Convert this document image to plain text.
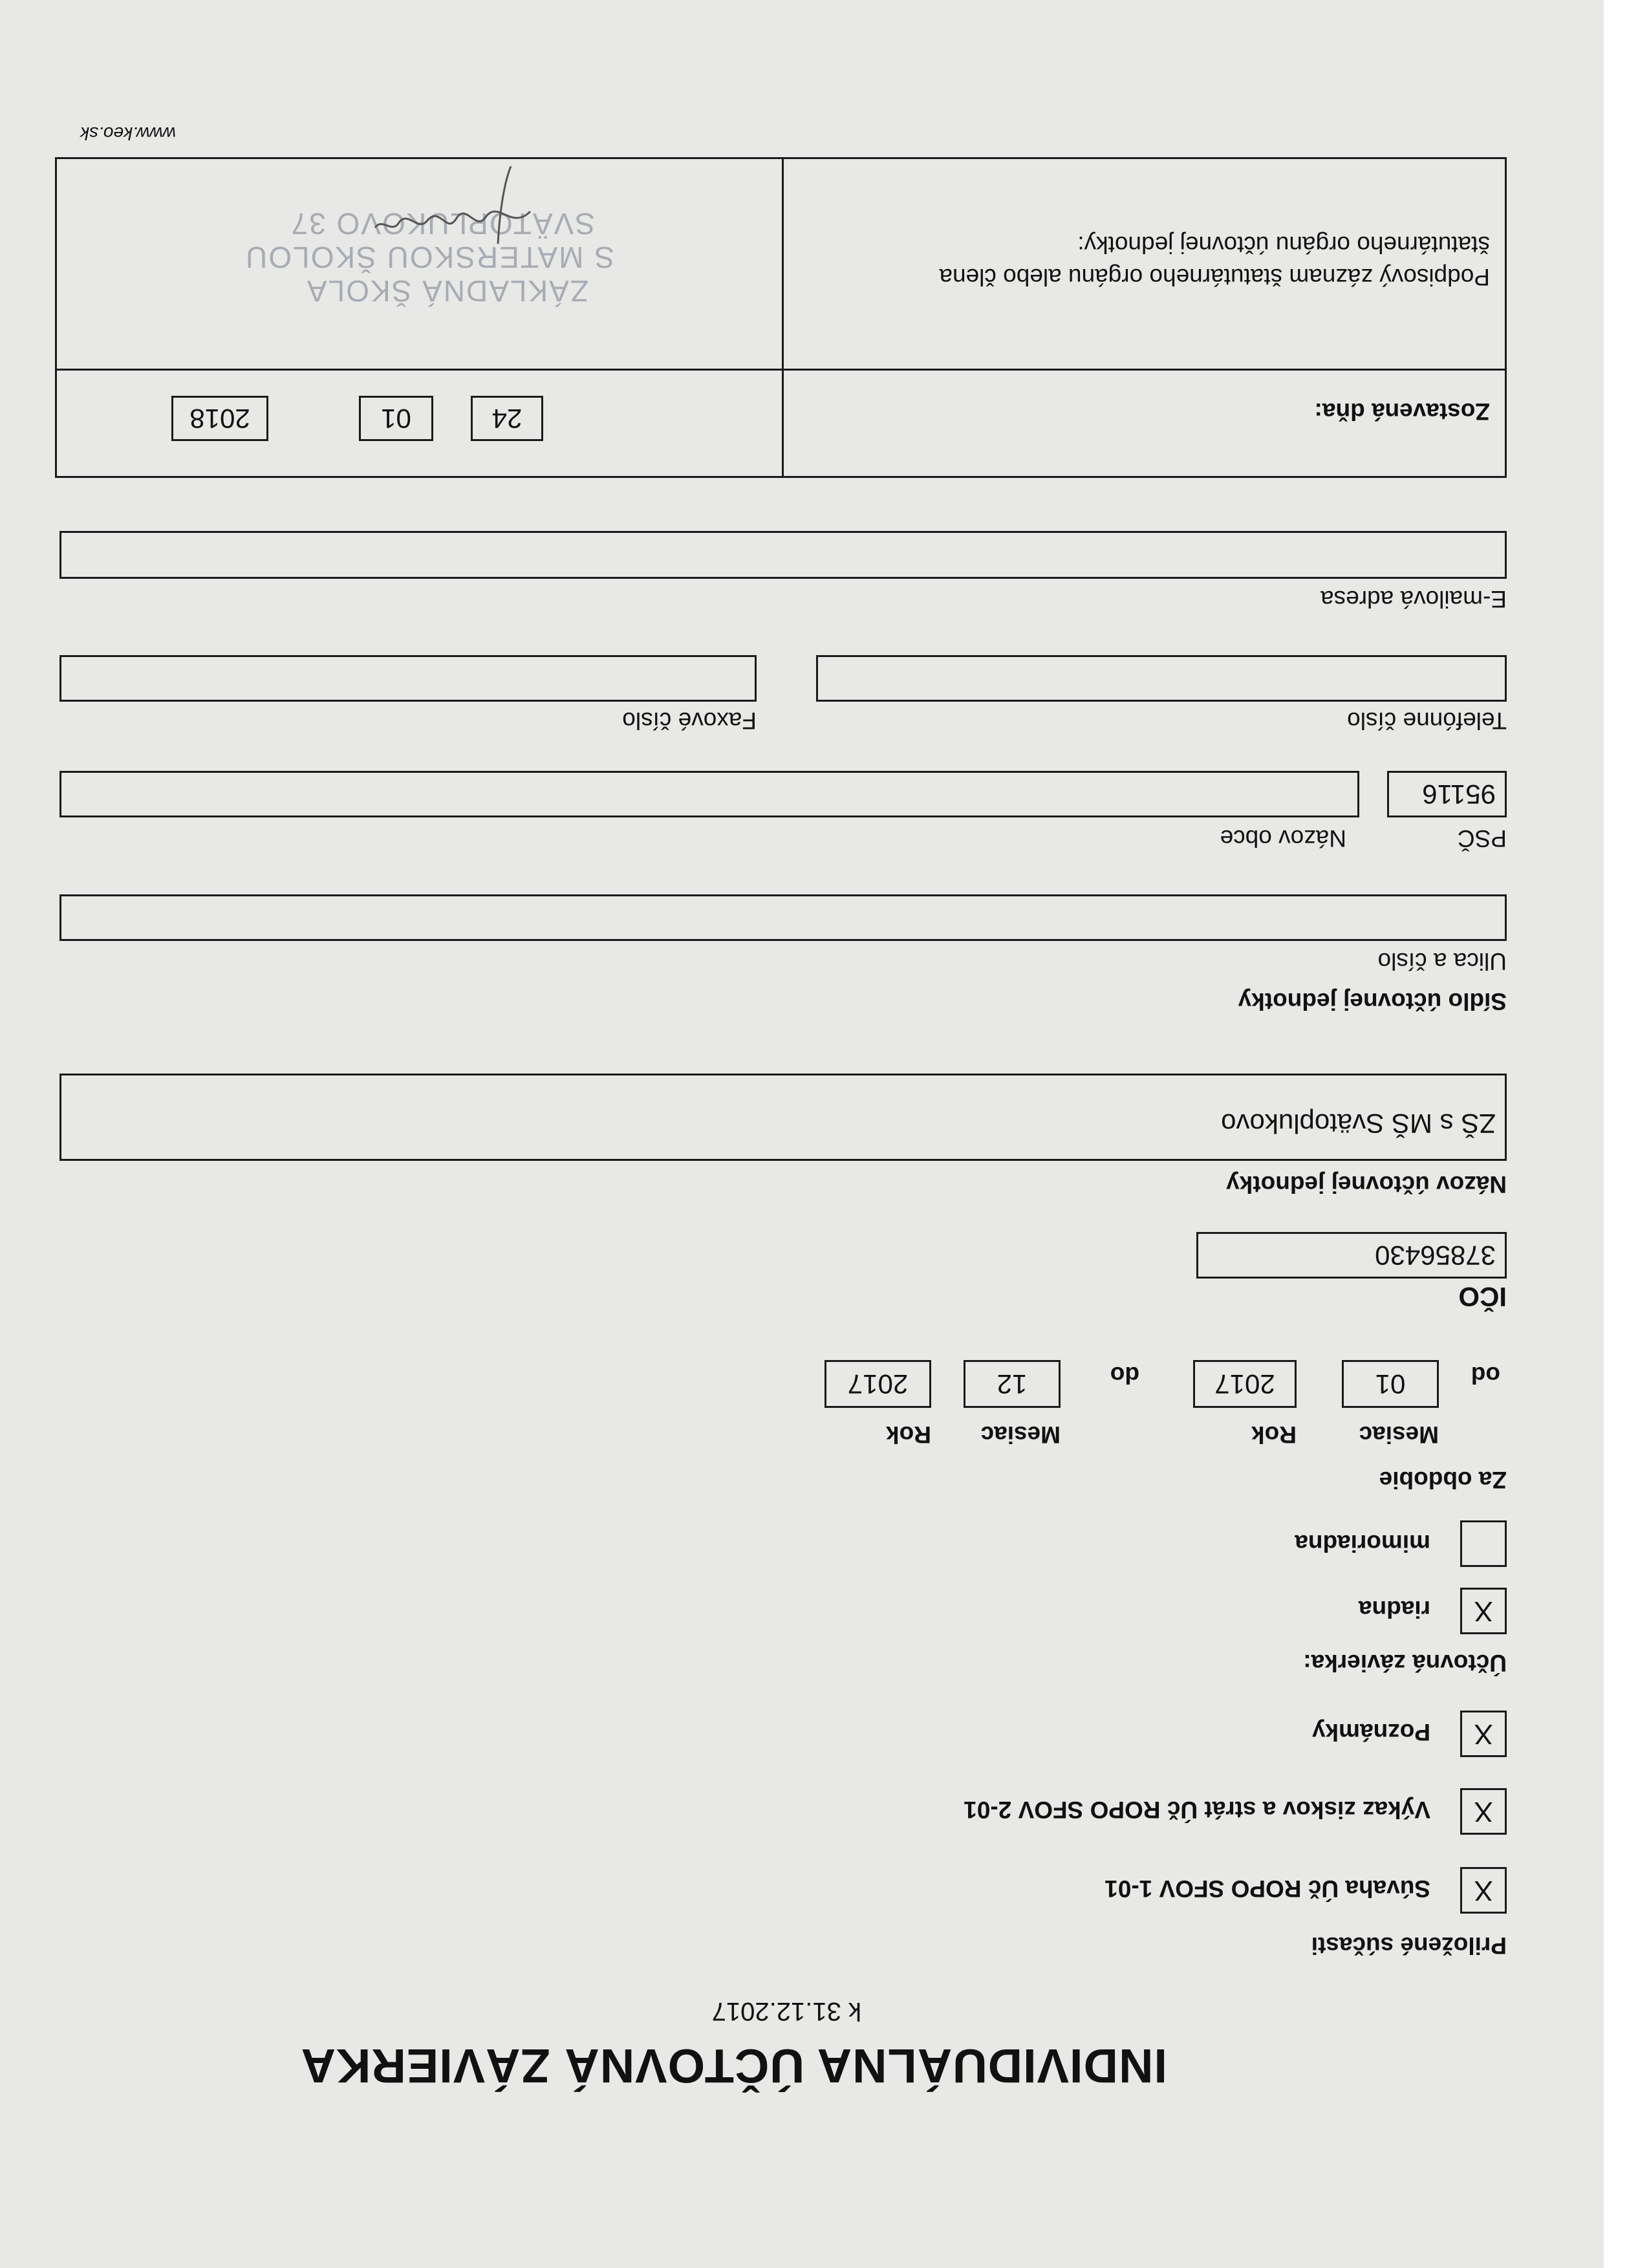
INDIVIDUÁLNA ÚČTOVNÁ ZÁVIERKA
k 31.12.2017
Priložené súčasti
X
Súvaha Úč ROPO SFOV 1-01
X
Výkaz ziskov a strát Úč ROPO SFOV 2-01
X
Poznámky
Účtovná závierka:
X
riadna
mimoriadna
Za obdobie
Mesiac
Rok
Mesiac
Rok
od
01
2017
do
12
2017
IČO
37856430
Názov účtovnej jednotky
ZŠ s MŠ Svätoplukovo
Sídlo účtovnej jednotky
Ulica a číslo
PSČ
Názov obce
95116
Telefónne číslo
Faxové číslo
E-mailová adresa
Zostavená dňa:
24
01
2018
Podpisový záznam štatutárneho orgánu alebo člena
štatutárneho orgánu účtovnej jednotky:
ZÁKLADNÁ ŠKOLA
S MATERSKOU ŠKOLOU
SVÄTOPLUKOVO 37
www.keo.sk
